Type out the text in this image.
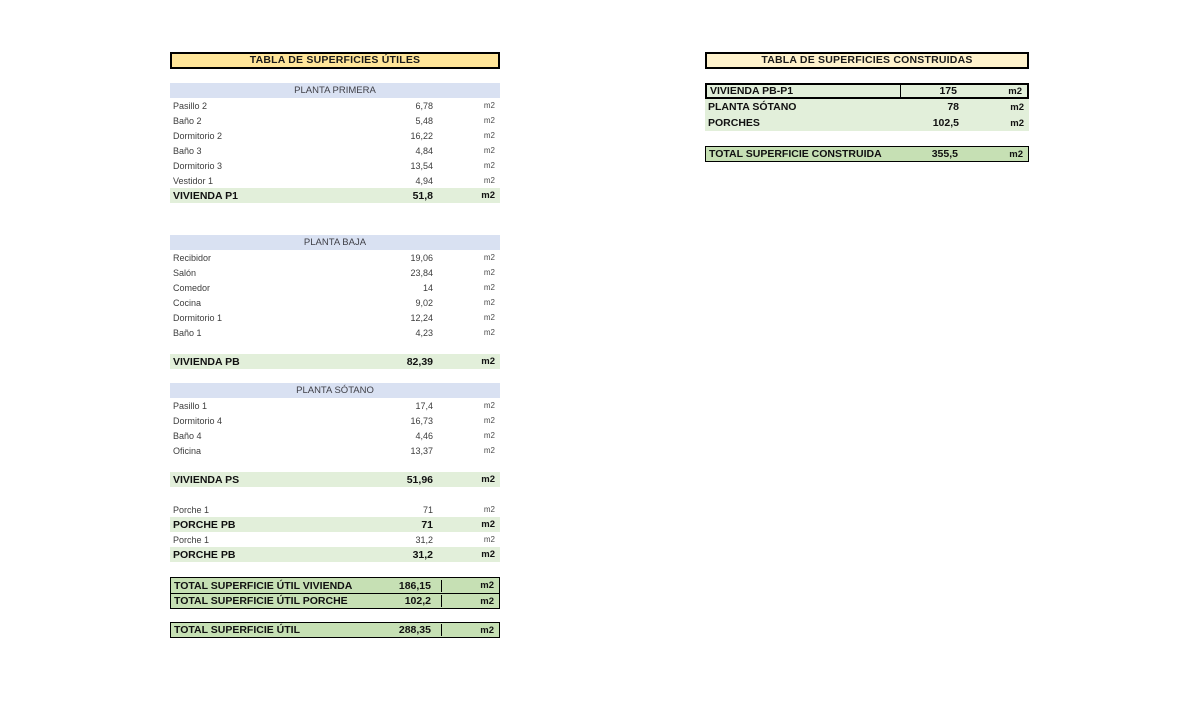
TABLA DE SUPERFICIES ÚTILES
PLANTA PRIMERA
Pasillo 2	6,78	m2
Baño 2	5,48	m2
Dormitorio 2	16,22	m2
Baño 3	4,84	m2
Dormitorio 3	13,54	m2
Vestidor 1	4,94	m2
VIVIENDA P1	51,8	m2
PLANTA BAJA
Recibidor	19,06	m2
Salón	23,84	m2
Comedor	14	m2
Cocina	9,02	m2
Dormitorio 1	12,24	m2
Baño 1	4,23	m2
VIVIENDA PB	82,39	m2
PLANTA SÓTANO
Pasillo 1	17,4	m2
Dormitorio 4	16,73	m2
Baño 4	4,46	m2
Oficina	13,37	m2
VIVIENDA PS	51,96	m2
Porche 1	71	m2
PORCHE PB	71	m2
Porche 1	31,2	m2
PORCHE PB	31,2	m2
TOTAL SUPERFICIE ÚTIL VIVIENDA	186,15	m2
TOTAL SUPERFICIE ÚTIL PORCHE	102,2	m2
TOTAL SUPERFICIE ÚTIL	288,35	m2
TABLA DE SUPERFICIES CONSTRUIDAS
VIVIENDA PB-P1	175	m2
PLANTA SÓTANO	78	m2
PORCHES	102,5	m2
TOTAL SUPERFICIE CONSTRUIDA	355,5	m2
